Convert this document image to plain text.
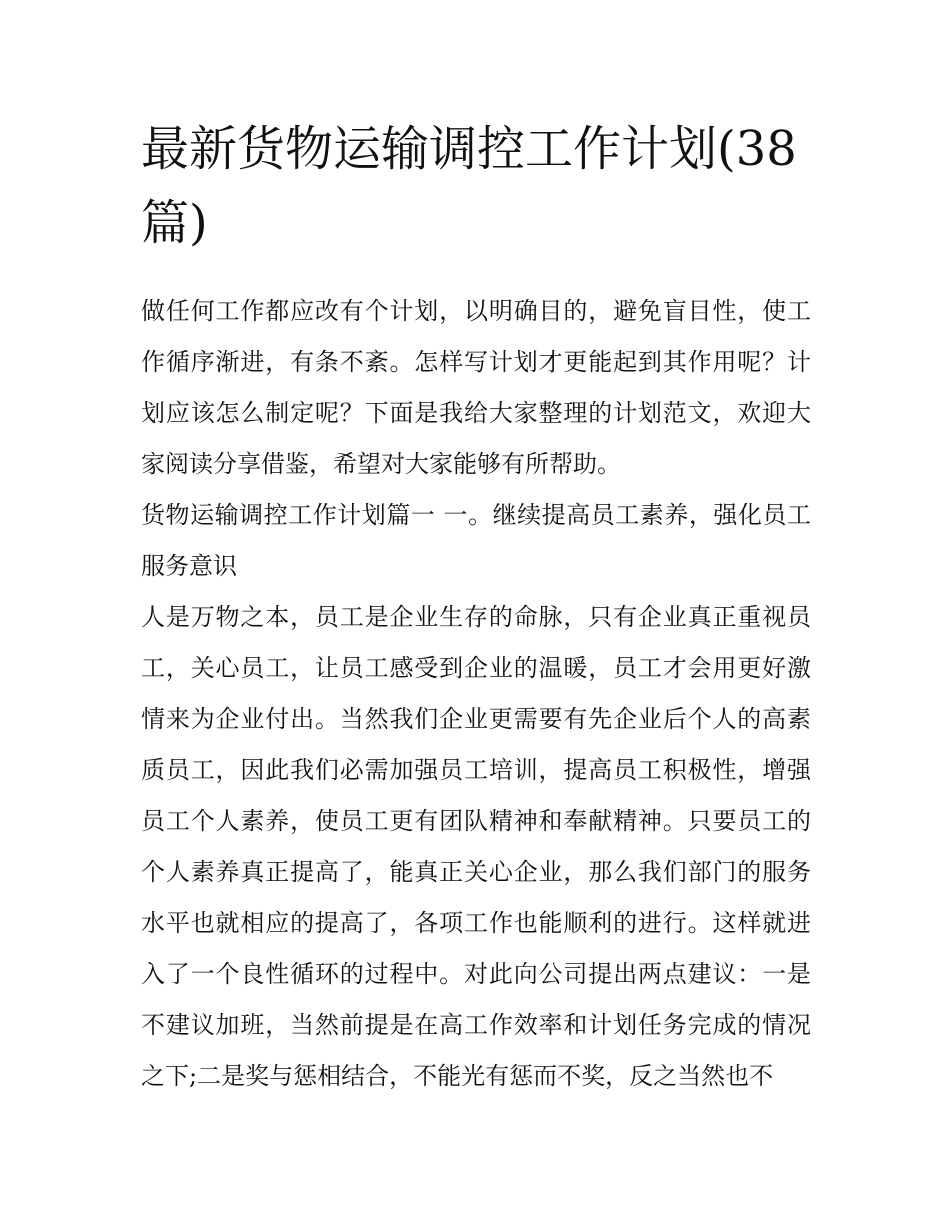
最新货物运输调控工作计划(38篇)

做任何工作都应改有个计划，以明确目的，避免盲目性，使工作循序渐进，有条不紊。怎样写计划才更能起到其作用呢？计划应该怎么制定呢？下面是我给大家整理的计划范文，欢迎大家阅读分享借鉴，希望对大家能够有所帮助。

货物运输调控工作计划篇一 一。继续提高员工素养，强化员工服务意识

人是万物之本，员工是企业生存的命脉，只有企业真正重视员工，关心员工，让员工感受到企业的温暖，员工才会用更好激情来为企业付出。当然我们企业更需要有先企业后个人的高素质员工，因此我们必需加强员工培训，提高员工积极性，增强员工个人素养，使员工更有团队精神和奉献精神。只要员工的个人素养真正提高了，能真正关心企业，那么我们部门的服务水平也就相应的提高了，各项工作也能顺利的进行。这样就进入了一个良性循环的过程中。对此向公司提出两点建议：一是不建议加班，当然前提是在高工作效率和计划任务完成的情况之下;二是奖与惩相结合，不能光有惩而不奖，反之当然也不
